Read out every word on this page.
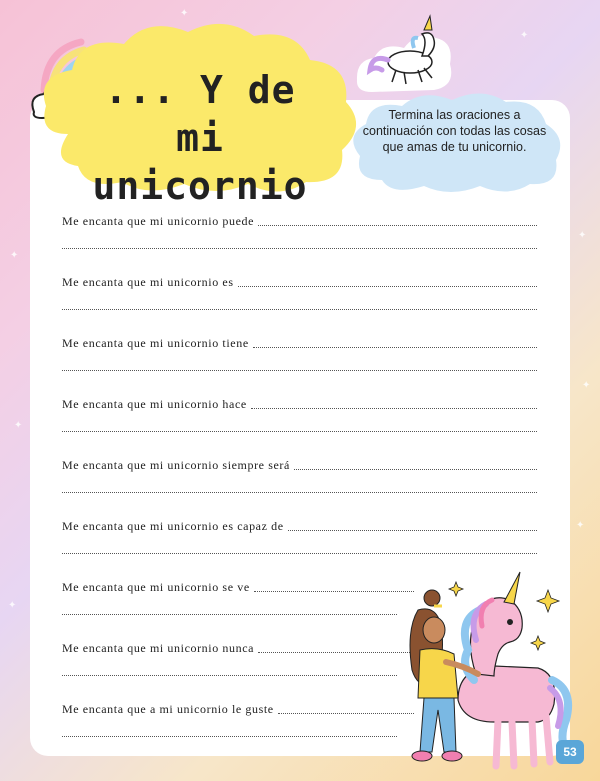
✦
✦
✦
✦
✦
✦
✦
✦
... Y de mi
unicornio
Termina las oraciones a continuación con todas las cosas que amas de tu unicornio.
Me encanta que mi unicornio puede
Me encanta que mi unicornio es
Me encanta que mi unicornio tiene
Me encanta que mi unicornio hace
Me encanta que mi unicornio siempre será
Me encanta que mi unicornio es capaz de
Me encanta que mi unicornio se ve
Me encanta que mi unicornio nunca
Me encanta que a mi unicornio le guste
53
